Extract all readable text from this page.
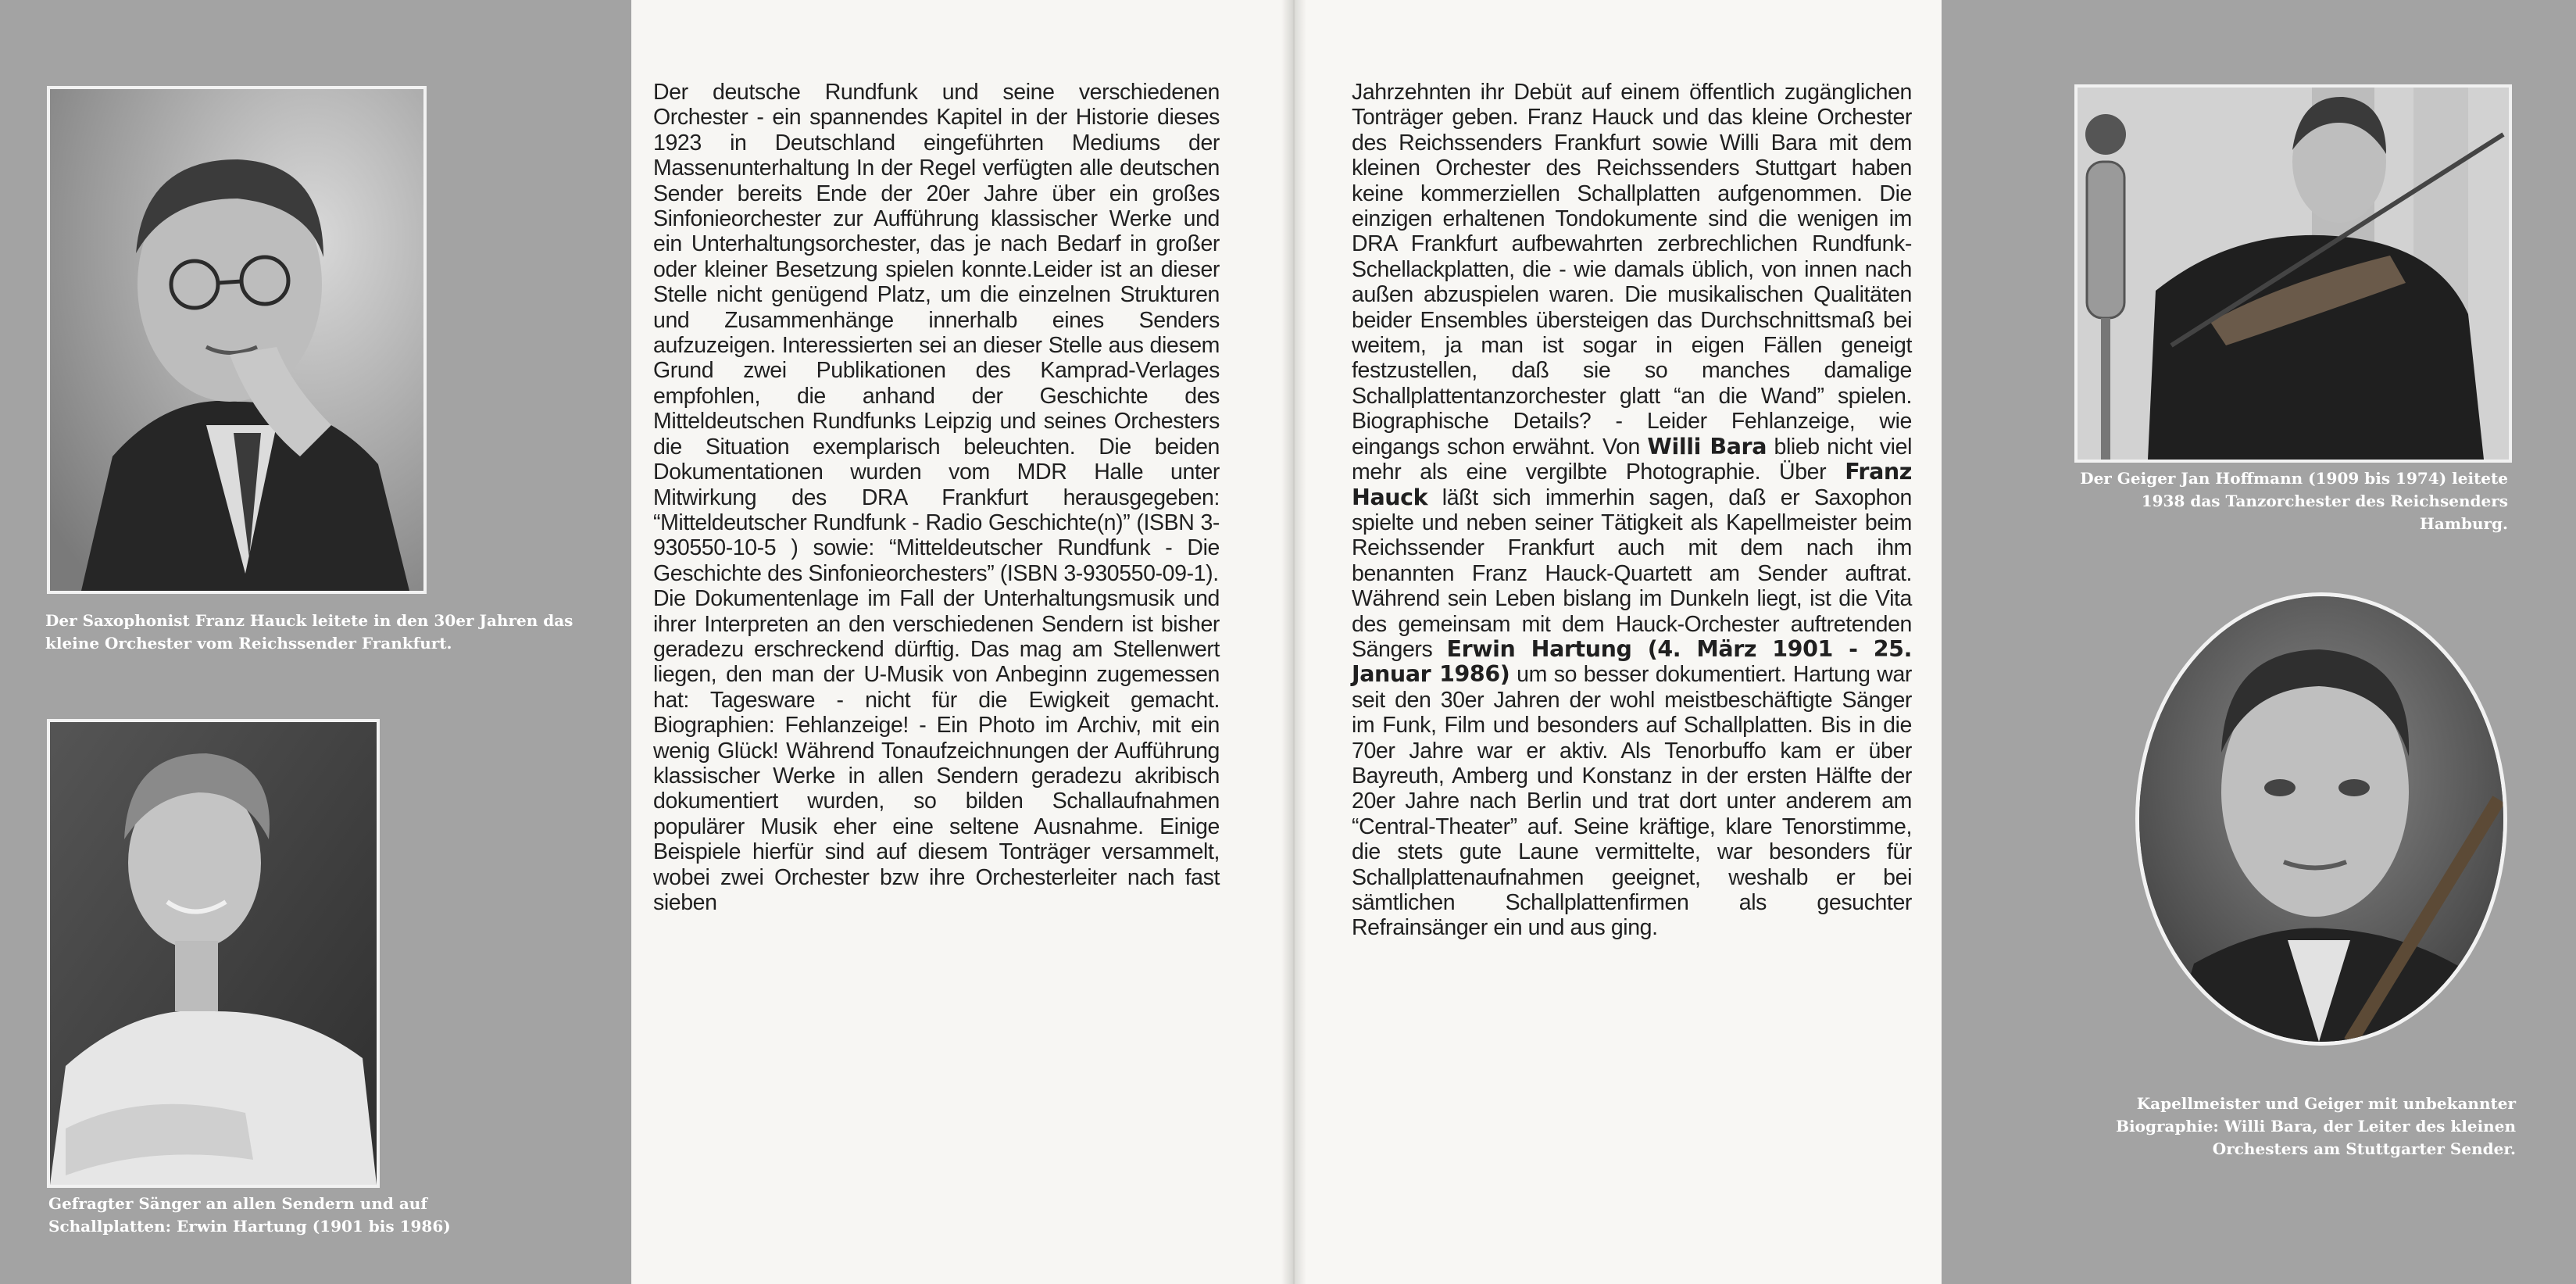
Der Saxophonist Franz Hauck leitete in den 30er Jahren das kleine Orchester vom Reichssender Frankfurt.
Gefragter Sänger an allen Sendern und auf Schallplatten: Erwin Hartung (1901 bis 1986)

Der deutsche Rundfunk und seine verschiedenen Orchester - ein spannendes Kapitel in der Historie dieses 1923 in Deutschland eingeführten Mediums der Massenunterhaltung In der Regel verfügten alle deutschen Sender bereits Ende der 20er Jahre über ein großes Sinfonieorchester zur Aufführung klassischer Werke und ein Unterhaltungsorchester, das je nach Bedarf in großer oder kleiner Besetzung spielen konnte.Leider ist an dieser Stelle nicht genügend Platz, um die einzelnen Strukturen und Zusammenhänge innerhalb eines Senders aufzuzeigen. Interessierten sei an dieser Stelle aus diesem Grund zwei Publikationen des Kamprad-Verlages empfohlen, die anhand der Geschichte des Mitteldeutschen Rundfunks Leipzig und seines Orchesters die Situation exemplarisch beleuchten. Die beiden Dokumentationen wurden vom MDR Halle unter Mitwirkung des DRA Frankfurt herausgegeben: “Mitteldeutscher Rundfunk - Radio Geschichte(n)” (ISBN 3-930550-10-5 ) sowie: “Mitteldeutscher Rundfunk - Die Geschichte des Sinfonieorchesters” (ISBN 3-930550-09-1).

Die Dokumentenlage im Fall der Unterhaltungsmusik und ihrer Interpreten an den verschiedenen Sendern ist bisher geradezu erschreckend dürftig. Das mag am Stellenwert liegen, den man der U-Musik von Anbeginn zugemessen hat: Tagesware - nicht für die Ewigkeit gemacht. Biographien: Fehlanzeige! - Ein Photo im Archiv, mit ein wenig Glück! Während Tonaufzeichnungen der Aufführung klassischer Werke in allen Sendern geradezu akribisch dokumentiert wurden, so bilden Schallaufnahmen populärer Musik eher eine seltene Ausnahme. Einige Beispiele hierfür sind auf diesem Tonträger versammelt, wobei zwei Orchester bzw ihre Orchesterleiter nach fast sieben

Jahrzehnten ihr Debüt auf einem öffentlich zugänglichen Tonträger geben. Franz Hauck und das kleine Orchester des Reichssenders Frankfurt sowie Willi Bara mit dem kleinen Orchester des Reichssenders Stuttgart haben keine kommerziellen Schallplatten aufgenommen. Die einzigen erhaltenen Tondokumente sind die wenigen im DRA Frankfurt aufbewahrten zerbrechlichen Rundfunk-Schellackplatten, die - wie damals üblich, von innen nach außen abzuspielen waren. Die musikalischen Qualitäten beider Ensembles übersteigen das Durchschnittsmaß bei weitem, ja man ist sogar in eigen Fällen geneigt festzustellen, daß sie so manches damalige Schallplattentanzorchester glatt “an die Wand” spielen. Biographische Details? - Leider Fehlanzeige, wie eingangs schon erwähnt. Von Willi Bara blieb nicht viel mehr als eine vergilbte Photographie. Über Franz Hauck läßt sich immerhin sagen, daß er Saxophon spielte und neben seiner Tätigkeit als Kapellmeister beim Reichssender Frankfurt auch mit dem nach ihm benannten Franz Hauck-Quartett am Sender auftrat. Während sein Leben bislang im Dunkeln liegt, ist die Vita des gemeinsam mit dem Hauck-Orchester auftretenden Sängers Erwin Hartung (4. März 1901 - 25. Januar 1986) um so besser dokumentiert. Hartung war seit den 30er Jahren der wohl meistbeschäftigte Sänger im Funk, Film und besonders auf Schallplatten. Bis in die 70er Jahre war er aktiv. Als Tenorbuffo kam er über Bayreuth, Amberg und Konstanz in der ersten Hälfte der 20er Jahre nach Berlin und trat dort unter anderem am “Central-Theater” auf. Seine kräftige, klare Tenorstimme, die stets gute Laune vermittelte, war besonders für Schallplattenaufnahmen geeignet, weshalb er bei sämtlichen Schallplattenfirmen als gesuchter Refrainsänger ein und aus ging.

Der Geiger Jan Hoffmann (1909 bis 1974) leitete 1938 das Tanzorchester des Reichsenders Hamburg.
Kapellmeister und Geiger mit unbekannter Biographie: Willi Bara, der Leiter des kleinen Orchesters am Stuttgarter Sender.
